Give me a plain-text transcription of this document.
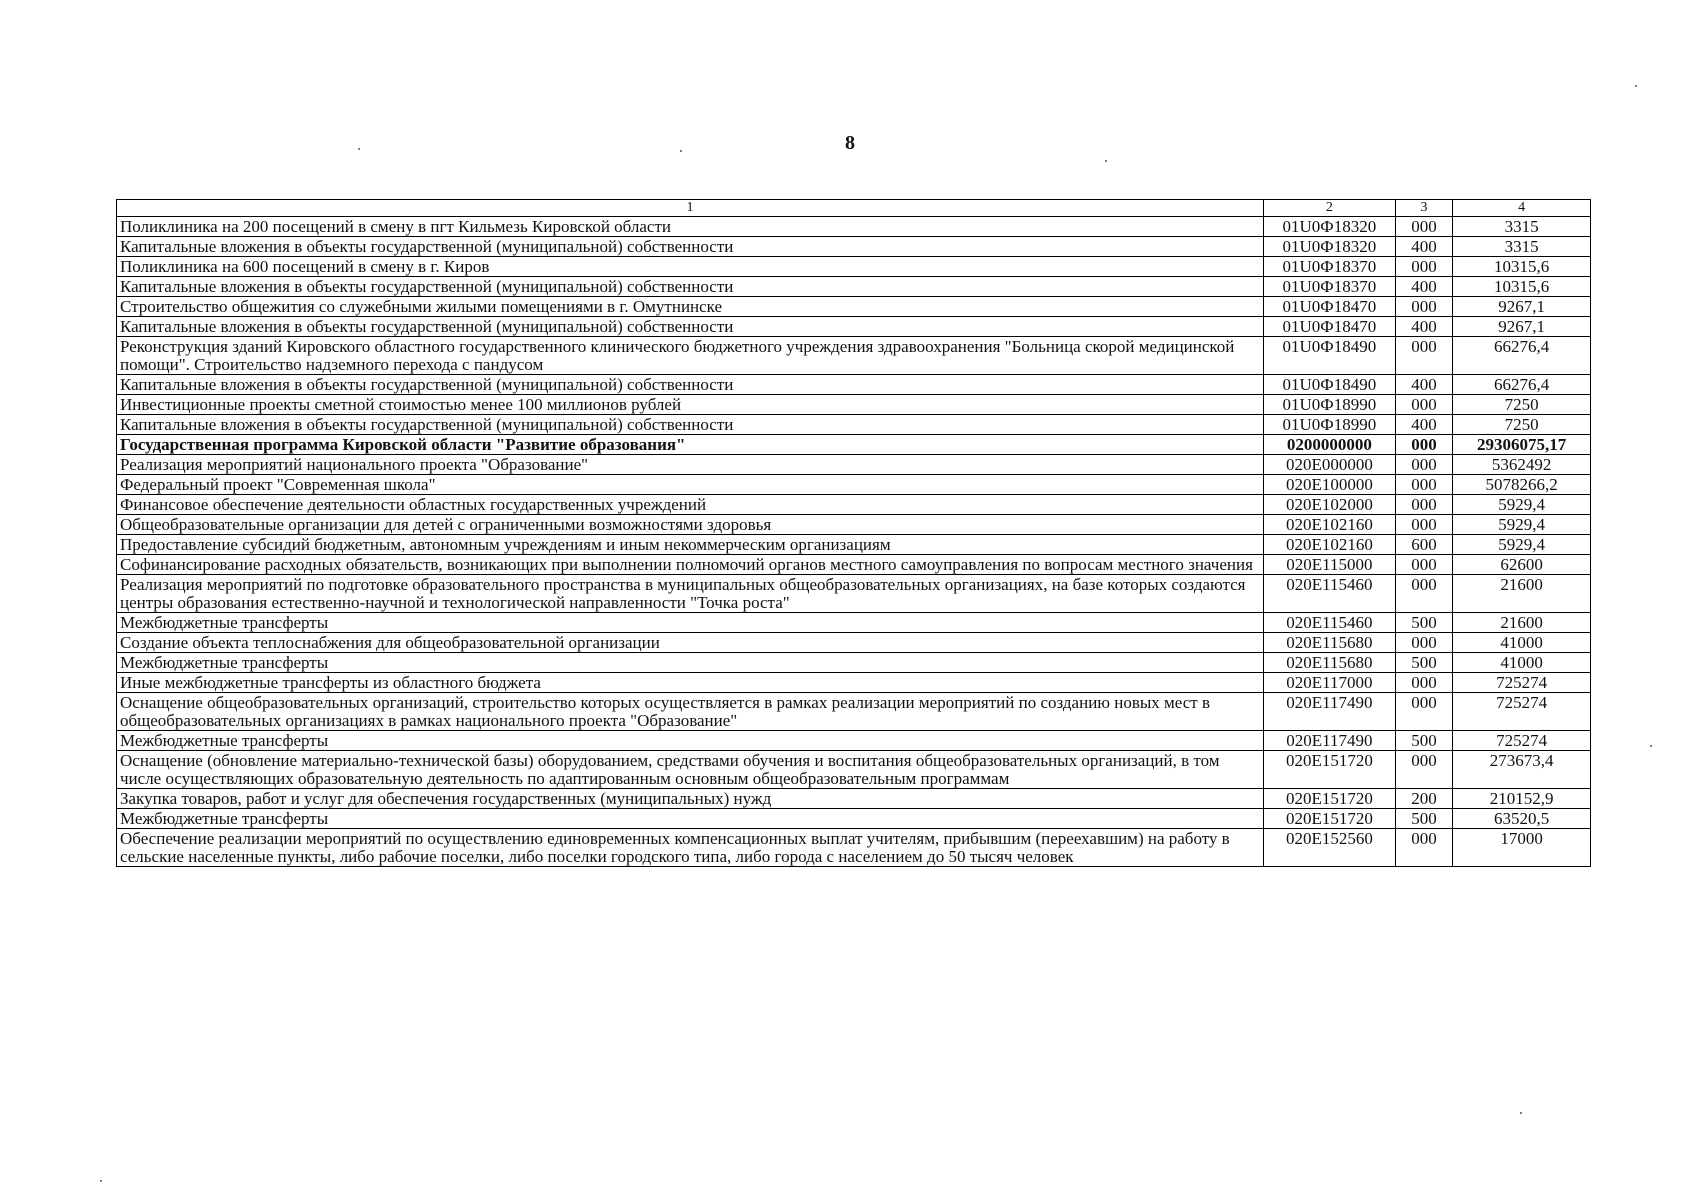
8
1	2	3	4
Поликлиника на 200 посещений в смену в пгт Кильмезь Кировской области	01U0Ф18320	000	3315
Капитальные вложения в объекты государственной (муниципальной) собственности	01U0Ф18320	400	3315
Поликлиника на 600 посещений в смену в г. Киров	01U0Ф18370	000	10315,6
Капитальные вложения в объекты государственной (муниципальной) собственности	01U0Ф18370	400	10315,6
Строительство общежития со служебными жилыми помещениями в г. Омутнинске	01U0Ф18470	000	9267,1
Капитальные вложения в объекты государственной (муниципальной) собственности	01U0Ф18470	400	9267,1
Реконструкция зданий Кировского областного государственного клинического бюджетного учреждения здравоохранения "Больница скорой медицинской помощи". Строительство надземного перехода с пандусом	01U0Ф18490	000	66276,4
Капитальные вложения в объекты государственной (муниципальной) собственности	01U0Ф18490	400	66276,4
Инвестиционные проекты сметной стоимостью менее 100 миллионов рублей	01U0Ф18990	000	7250
Капитальные вложения в объекты государственной (муниципальной) собственности	01U0Ф18990	400	7250
Государственная программа Кировской области "Развитие образования"	0200000000	000	29306075,17
Реализация мероприятий национального проекта "Образование"	020E000000	000	5362492
Федеральный проект "Современная школа"	020E100000	000	5078266,2
Финансовое обеспечение деятельности областных государственных учреждений	020E102000	000	5929,4
Общеобразовательные организации для детей с ограниченными возможностями здоровья	020E102160	000	5929,4
Предоставление субсидий бюджетным, автономным учреждениям и иным некоммерческим организациям	020E102160	600	5929,4
Софинансирование расходных обязательств, возникающих при выполнении полномочий органов местного самоуправления по вопросам местного значения	020E115000	000	62600
Реализация мероприятий по подготовке образовательного пространства в муниципальных общеобразовательных организациях, на базе которых создаются центры образования естественно-научной и технологической направленности "Точка роста"	020E115460	000	21600
Межбюджетные трансферты	020E115460	500	21600
Создание объекта теплоснабжения для общеобразовательной организации	020E115680	000	41000
Межбюджетные трансферты	020E115680	500	41000
Иные межбюджетные трансферты из областного бюджета	020E117000	000	725274
Оснащение общеобразовательных организаций, строительство которых осуществляется в рамках реализации мероприятий по созданию новых мест в общеобразовательных организациях в рамках национального проекта "Образование"	020E117490	000	725274
Межбюджетные трансферты	020E117490	500	725274
Оснащение (обновление материально-технической базы) оборудованием, средствами обучения и воспитания общеобразовательных организаций, в том числе осуществляющих образовательную деятельность по адаптированным основным общеобразовательным программам	020E151720	000	273673,4
Закупка товаров, работ и услуг для обеспечения государственных (муниципальных) нужд	020E151720	200	210152,9
Межбюджетные трансферты	020E151720	500	63520,5
Обеспечение реализации мероприятий по осуществлению единовременных компенсационных выплат учителям, прибывшим (переехавшим) на работу в сельские населенные пункты, либо рабочие поселки, либо поселки городского типа, либо города с населением до 50 тысяч человек	020E152560	000	17000
